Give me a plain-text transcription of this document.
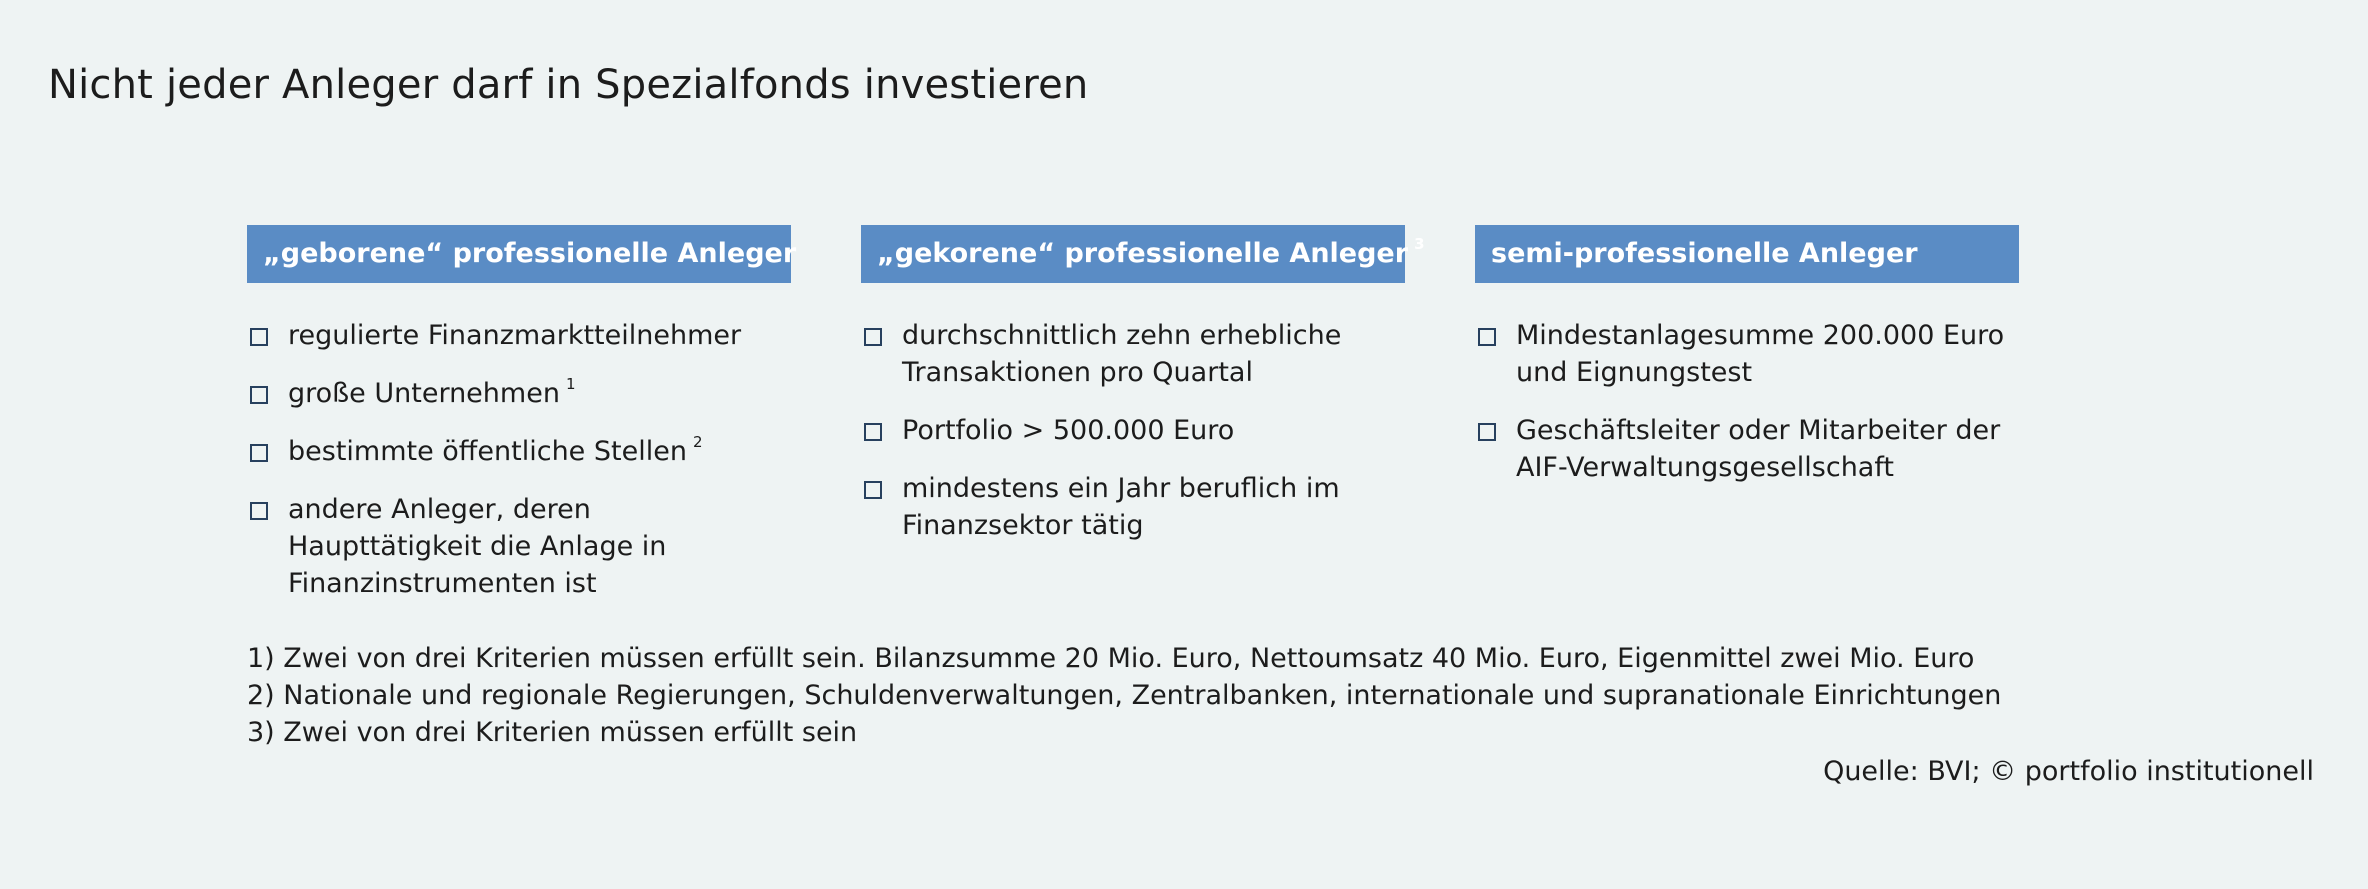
Nicht jeder Anleger darf in Spezialfonds investieren
„geborene“ professionelle Anleger
regulierte Finanzmarktteilnehmer
große Unternehmen $^1$
bestimmte öffentliche Stellen $^2$
andere Anleger, deren Haupttätigkeit die Anlage in Finanzinstrumenten ist
„gekorene“ professionelle Anleger $^3$
durchschnittlich zehn erhebliche Transaktionen pro Quartal
Portfolio > 500.000 Euro
mindestens ein Jahr beruflich im Finanzsektor tätig
semi-professionelle Anleger
Mindestanlagesumme 200.000 Euro und Eignungstest
Geschäftsleiter oder Mitarbeiter der AIF-Verwaltungsgesellschaft
1) Zwei von drei Kriterien müssen erfüllt sein. Bilanzsumme 20 Mio. Euro, Nettoumsatz 40 Mio. Euro, Eigenmittel zwei Mio. Euro
2) Nationale und regionale Regierungen, Schuldenverwaltungen, Zentralbanken, internationale und supranationale Einrichtungen
3) Zwei von drei Kriterien müssen erfüllt sein
Quelle: BVI; © portfolio institutionell
